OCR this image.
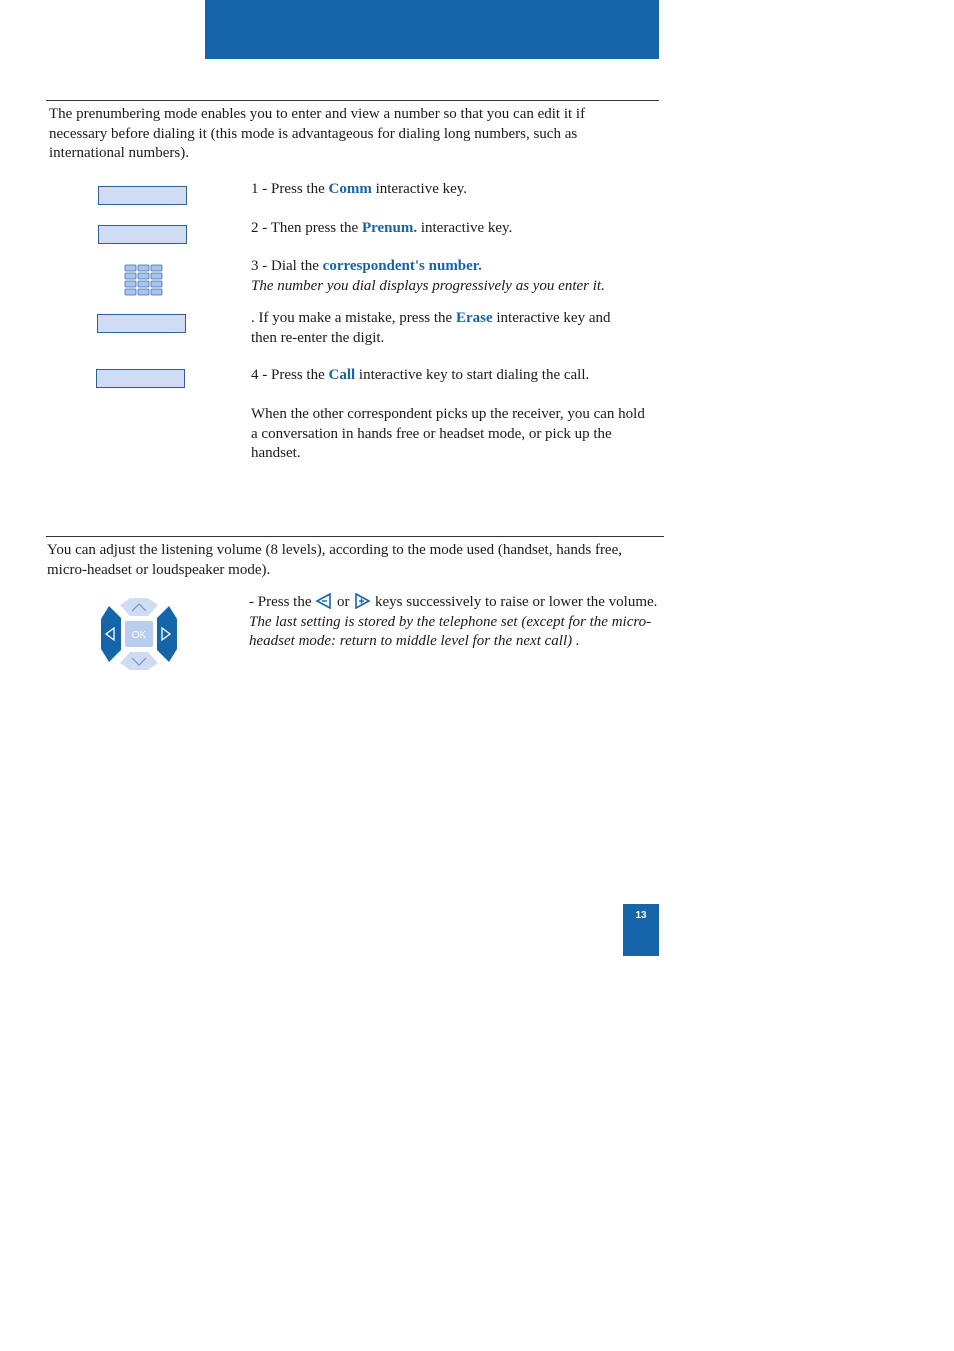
The prenumbering mode enables you to enter and view a number so that you can edit it if necessary before dialing it (this mode is advantageous for dialing long numbers, such as international numbers).
1 - Press the Comm interactive key.
2 - Then press the Prenum. interactive key.
3 - Dial the correspondent's number.
The number you dial displays progressively as you enter it.
. If you make a mistake, press the Erase interactive key and then re-enter the digit.
4 - Press the Call interactive key to start dialing the call.
When the other correspondent picks up the receiver, you can hold a conversation in hands free or headset mode, or pick up the handset.
You can adjust the listening volume (8 levels), according to the mode used (handset, hands free, micro-headset or loudspeaker mode).
OK
- Press the  or  keys successively to raise or lower the volume.
The last setting is stored by the telephone set (except for the micro-headset mode: return to middle level for the next call) .
13
